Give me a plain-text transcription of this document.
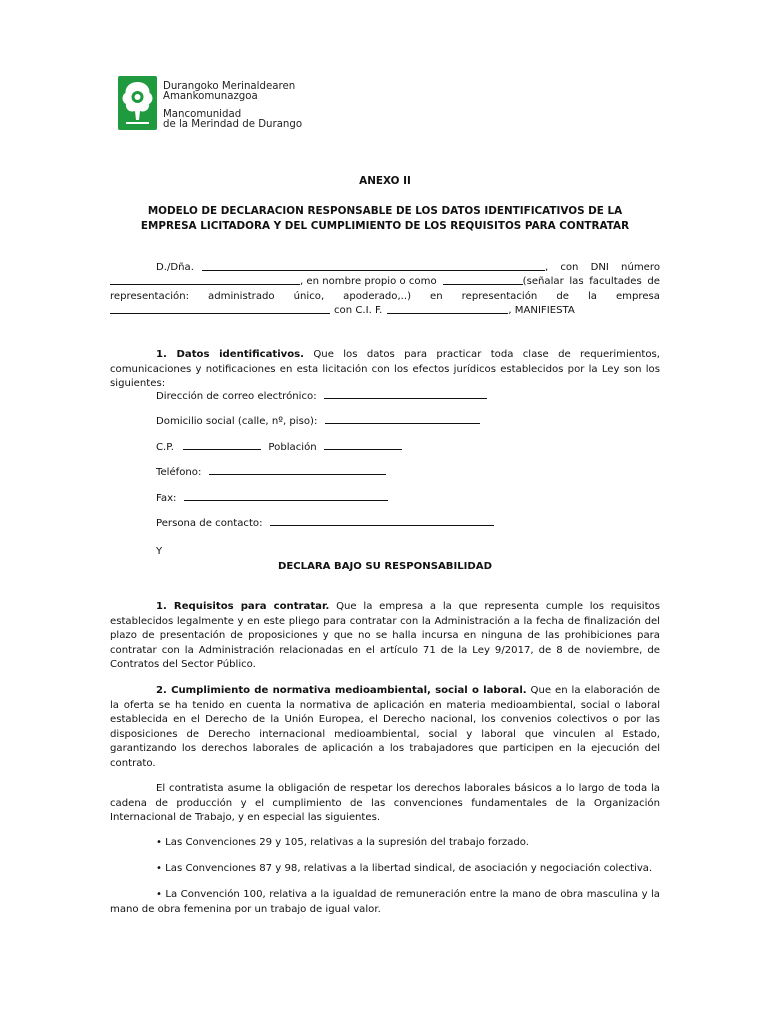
Durangoko Merinaldearen
Amankomunazgoa
Mancomunidad
de la Merindad de Durango
ANEXO II
MODELO DE DECLARACION RESPONSABLE DE LOS DATOS IDENTIFICATIVOS DE LA EMPRESA LICITADORA Y DEL CUMPLIMIENTO DE LOS REQUISITOS PARA CONTRATAR
D./Dña.	, con DNI número
, en nombre propio o como	(señalar las facultades de
representación: administrado único, apoderado,..) en representación de la empresa
con C.I. F.	, MANIFIESTA
1. Datos identificativos. Que los datos para practicar toda clase de requerimientos, comunicaciones y notificaciones en esta licitación con los efectos jurídicos establecidos por la Ley son los siguientes:
Dirección de correo electrónico:
Domicilio social (calle, nº, piso):
C.P.	Población
Teléfono:
Fax:
Persona de contacto:
Y
DECLARA BAJO SU RESPONSABILIDAD
1. Requisitos para contratar. Que la empresa a la que representa cumple los requisitos establecidos legalmente y en este pliego para contratar con la Administración a la fecha de finalización del plazo de presentación de proposiciones y que no se halla incursa en ninguna de las prohibiciones para contratar con la Administración relacionadas en el artículo 71 de la Ley 9/2017, de 8 de noviembre, de Contratos del Sector Público.
2. Cumplimiento de normativa medioambiental, social o laboral. Que en la elaboración de la oferta se ha tenido en cuenta la normativa de aplicación en materia medioambiental, social o laboral establecida en el Derecho de la Unión Europea, el Derecho nacional, los convenios colectivos o por las disposiciones de Derecho internacional medioambiental, social y laboral que vinculen al Estado, garantizando los derechos laborales de aplicación a los trabajadores que participen en la ejecución del contrato.
El contratista asume la obligación de respetar los derechos laborales básicos a lo largo de toda la cadena de producción y el cumplimiento de las convenciones fundamentales de la Organización Internacional de Trabajo, y en especial las siguientes.
• Las Convenciones 29 y 105, relativas a la supresión del trabajo forzado.
• Las Convenciones 87 y 98, relativas a la libertad sindical, de asociación y negociación colectiva.
• La Convención 100, relativa a la igualdad de remuneración entre la mano de obra masculina y la mano de obra femenina por un trabajo de igual valor.
